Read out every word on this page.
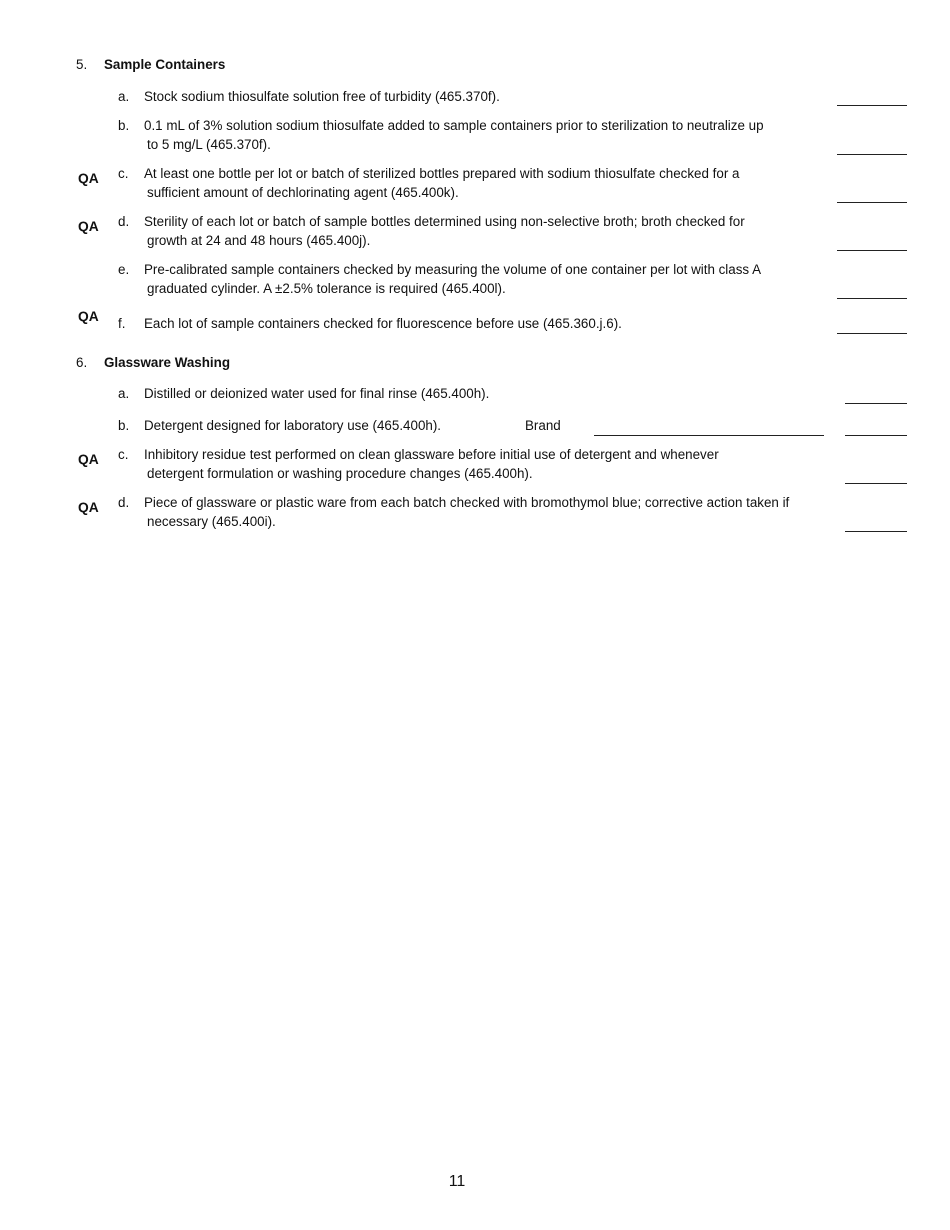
5. Sample Containers
a. Stock sodium thiosulfate solution free of turbidity (465.370f).
b. 0.1 mL of 3% solution sodium thiosulfate added to sample containers prior to sterilization to neutralize up
to 5 mg/L (465.370f).
QA c. At least one bottle per lot or batch of sterilized bottles prepared with sodium thiosulfate checked for a
sufficient amount of dechlorinating agent (465.400k).
QA d. Sterility of each lot or batch of sample bottles determined using non-selective broth; broth checked for
growth at 24 and 48 hours (465.400j).
e. Pre-calibrated sample containers checked by measuring the volume of one container per lot with class A
graduated cylinder. A ±2.5% tolerance is required (465.400l).
QA f. Each lot of sample containers checked for fluorescence before use (465.360.j.6).
6. Glassware Washing
a. Distilled or deionized water used for final rinse (465.400h).
b. Detergent designed for laboratory use (465.400h).	Brand
QA c. Inhibitory residue test performed on clean glassware before initial use of detergent and whenever
detergent formulation or washing procedure changes (465.400h).
QA d. Piece of glassware or plastic ware from each batch checked with bromothymol blue; corrective action taken if
necessary (465.400i).
11
